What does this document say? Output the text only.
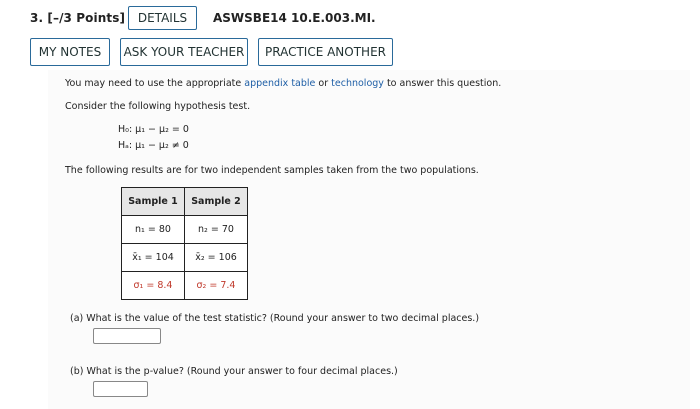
3. [–/3 Points]	DETAILS	ASWSBE14 10.E.003.MI.
MY NOTES	ASK YOUR TEACHER	PRACTICE ANOTHER
You may need to use the appropriate appendix table or technology to answer this question.
Consider the following hypothesis test.
H₀: μ₁ − μ₂ = 0
Hₐ: μ₁ − μ₂ ≠ 0
The following results are for two independent samples taken from the two populations.
Sample 1	Sample 2
n₁ = 80	n₂ = 70
x̄₁ = 104	x̄₂ = 106
σ₁ = 8.4	σ₂ = 7.4
(a) What is the value of the test statistic? (Round your answer to two decimal places.)
(b) What is the p-value? (Round your answer to four decimal places.)
